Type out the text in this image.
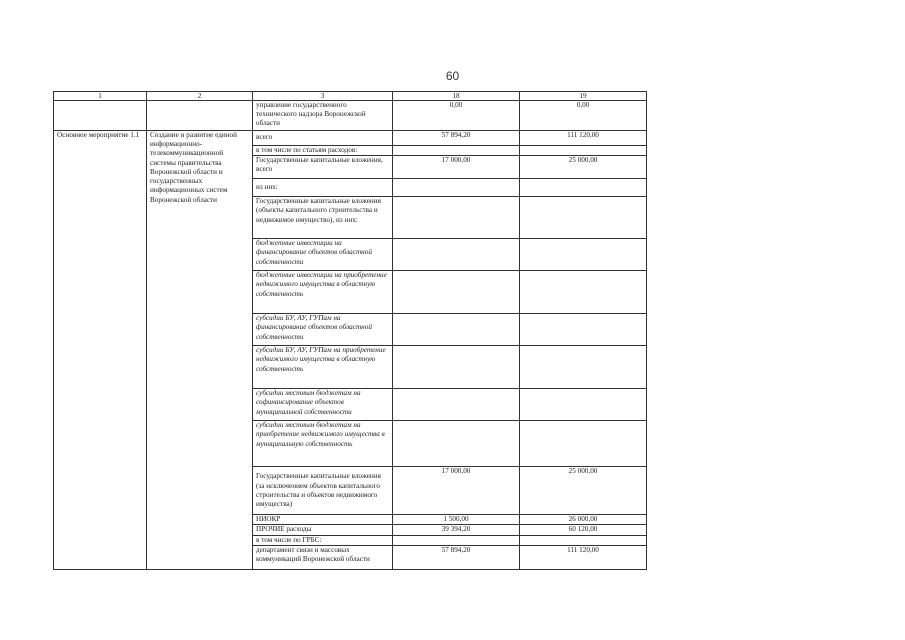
60
1	2	3	18	19
		управление государственного технического надзора Воронежской области	0,00	0,00
Основное мероприятие 1.1	Создание и развитие единой информационно-телекоммуникационной системы правительства Воронежской области и государственных информационных систем Воронежской области	всего	57 894,20	111 120,00
		в том числе по статьям расходов:		
		Государственные капитальные вложения, всего	17 000,00	25 000,00
		из них:		
		Государственные капитальные вложения (объекты капитального строительства и недвижимое имущество), из них:		
		бюджетные инвестиции на финансирование объектов областной собственности		
		бюджетные инвестиции на приобретение недвижимого имущества в областную собственность		
		субсидии БУ, АУ, ГУПам на финансирование объектов областной собственности		
		субсидии БУ, АУ, ГУПам на приобретение недвижимого имущества в областную собственность		
		субсидии местным бюджетам на софинансирование объектов муниципальной собственности		
		субсидии местным бюджетам на приобретение недвижимого имущества в муниципальную собственность		
		Государственные капитальные вложения (за исключением объектов капитального строительства и объектов недвижимого имущества)	17 000,00	25 000,00
		НИОКР	1 500,00	26 000,00
		ПРОЧИЕ расходы	39 394,20	60 120,00
		в том числе по ГРБС:		
		департамент связи и массовых коммуникаций Воронежской области	57 894,20	111 120,00
